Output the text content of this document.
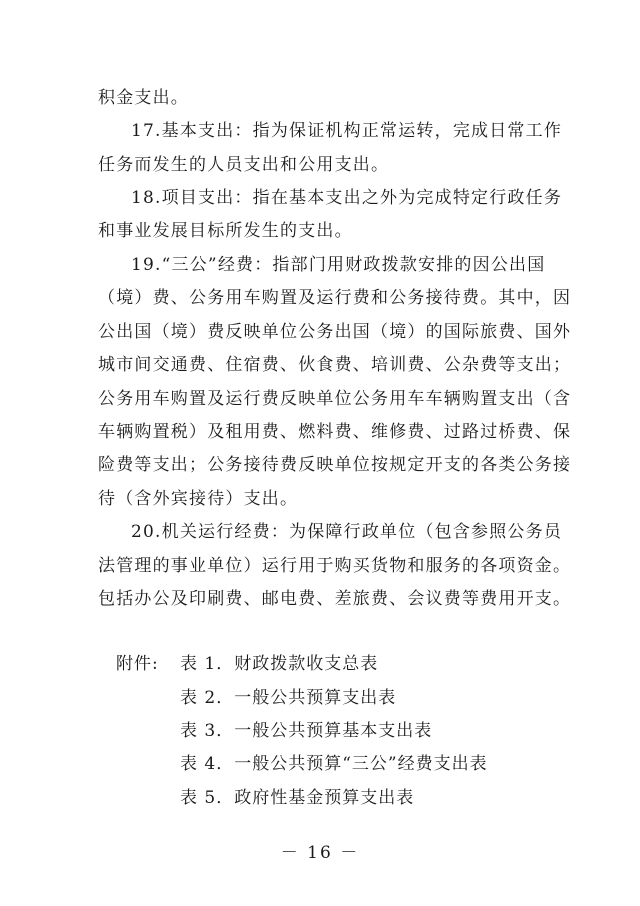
积金支出。
17.基本支出：指为保证机构正常运转，完成日常工作
任务而发生的人员支出和公用支出。
18.项目支出：指在基本支出之外为完成特定行政任务
和事业发展目标所发生的支出。
19.“三公”经费：指部门用财政拨款安排的因公出国
（境）费、公务用车购置及运行费和公务接待费。其中，因
公出国（境）费反映单位公务出国（境）的国际旅费、国外
城市间交通费、住宿费、伙食费、培训费、公杂费等支出；
公务用车购置及运行费反映单位公务用车车辆购置支出（含
车辆购置税）及租用费、燃料费、维修费、过路过桥费、保
险费等支出；公务接待费反映单位按规定开支的各类公务接
待（含外宾接待）支出。
20.机关运行经费：为保障行政单位（包含参照公务员
法管理的事业单位）运行用于购买货物和服务的各项资金。
包括办公及印刷费、邮电费、差旅费、会议费等费用开支。
附件: 表 1．财政拨款收支总表
表 2．一般公共预算支出表
表 3．一般公共预算基本支出表
表 4．一般公共预算“三公”经费支出表
表 5．政府性基金预算支出表
－ 16 －
